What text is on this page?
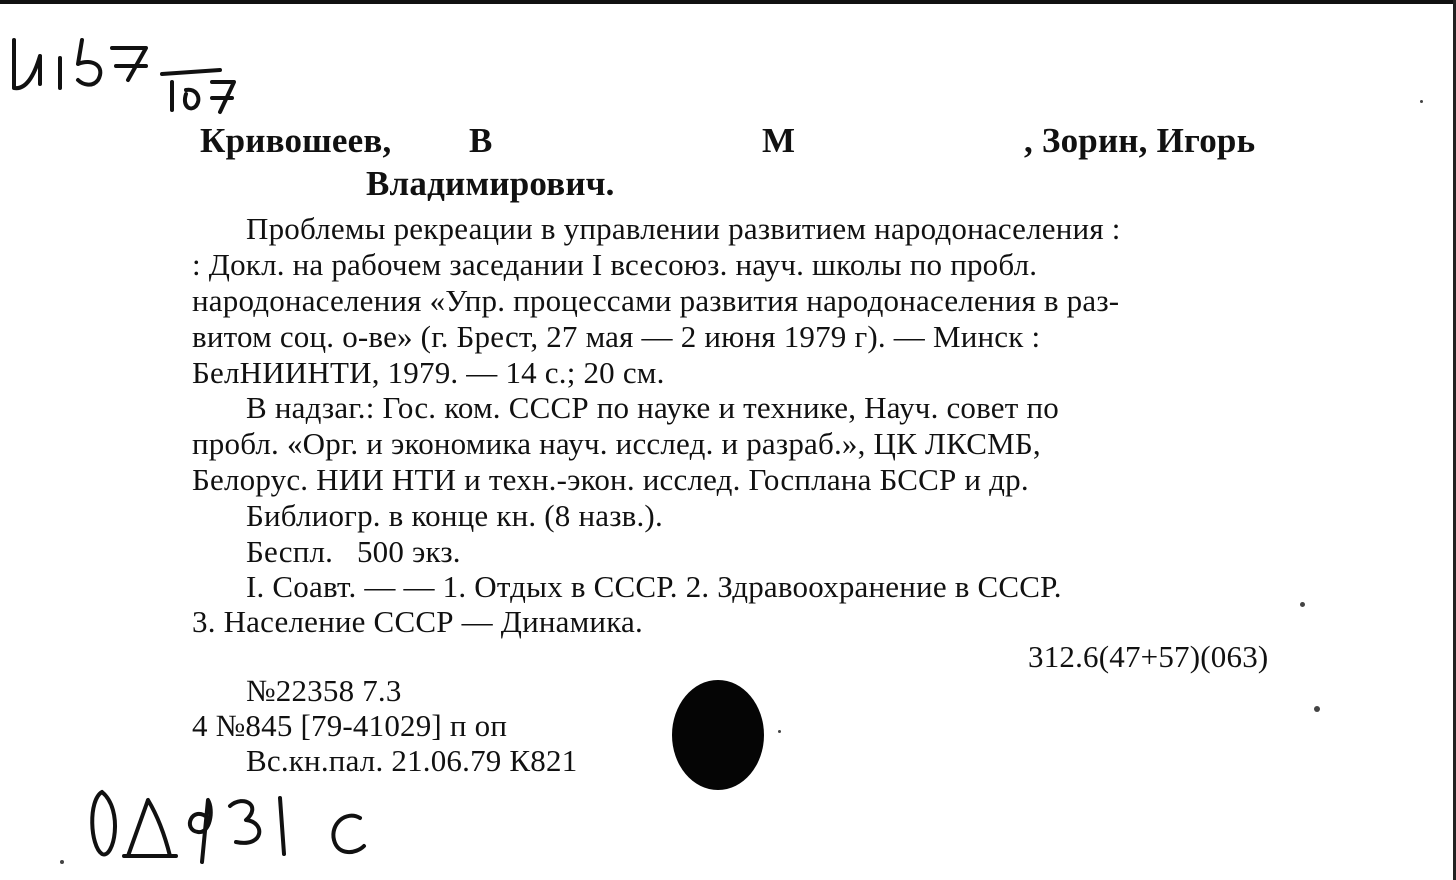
Кривошеев, В	М	, Зорин, Игорь
Владимирович.
Проблемы рекреации в управлении развитием народонаселения :
: Докл. на рабочем заседании I всесоюз. науч. школы по пробл.
народонаселения «Упр. процессами развития народонаселения в раз-
витом соц. о-ве» (г. Брест, 27 мая — 2 июня 1979 г). — Минск :
БелНИИНТИ, 1979. — 14 с.; 20 см.
В надзаг.: Гос. ком. СССР по науке и технике, Науч. совет по
пробл. «Орг. и экономика науч. исслед. и разраб.», ЦК ЛКСМБ,
Белорус. НИИ НТИ и техн.-экон. исслед. Госплана БССР и др.
Библиогр. в конце кн. (8 назв.).
Беспл.   500 экз.
I. Соавт. — — 1. Отдых в СССР. 2. Здравоохранение в СССР.
3. Население СССР — Динамика.
312.6(47+57)(063)
№22358 7.3
4 №845 [79-41029] п оп
Вс.кн.пал. 21.06.79 К821
